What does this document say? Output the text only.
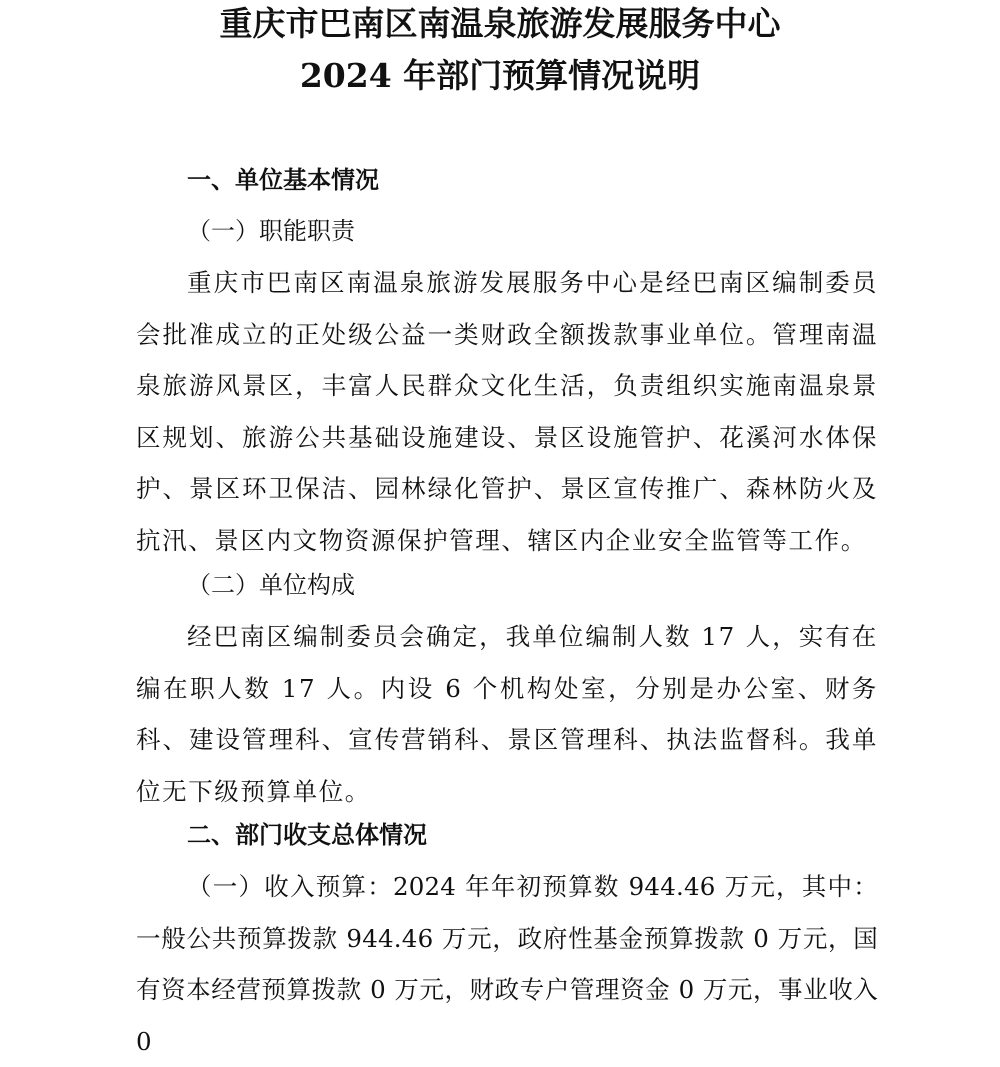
重庆市巴南区南温泉旅游发展服务中心
2024 年部门预算情况说明
一、单位基本情况
（一）职能职责
重庆市巴南区南温泉旅游发展服务中心是经巴南区编制委员会批准成立的正处级公益一类财政全额拨款事业单位。管理南温泉旅游风景区，丰富人民群众文化生活，负责组织实施南温泉景区规划、旅游公共基础设施建设、景区设施管护、花溪河水体保护、景区环卫保洁、园林绿化管护、景区宣传推广、森林防火及抗汛、景区内文物资源保护管理、辖区内企业安全监管等工作。
（二）单位构成
经巴南区编制委员会确定，我单位编制人数 17 人，实有在编在职人数 17 人。内设 6 个机构处室，分别是办公室、财务科、建设管理科、宣传营销科、景区管理科、执法监督科。我单位无下级预算单位。
二、部门收支总体情况
（一）收入预算：2024 年年初预算数 944.46 万元，其中：一般公共预算拨款 944.46 万元，政府性基金预算拨款 0 万元，国有资本经营预算拨款 0 万元，财政专户管理资金 0 万元，事业收入 0
